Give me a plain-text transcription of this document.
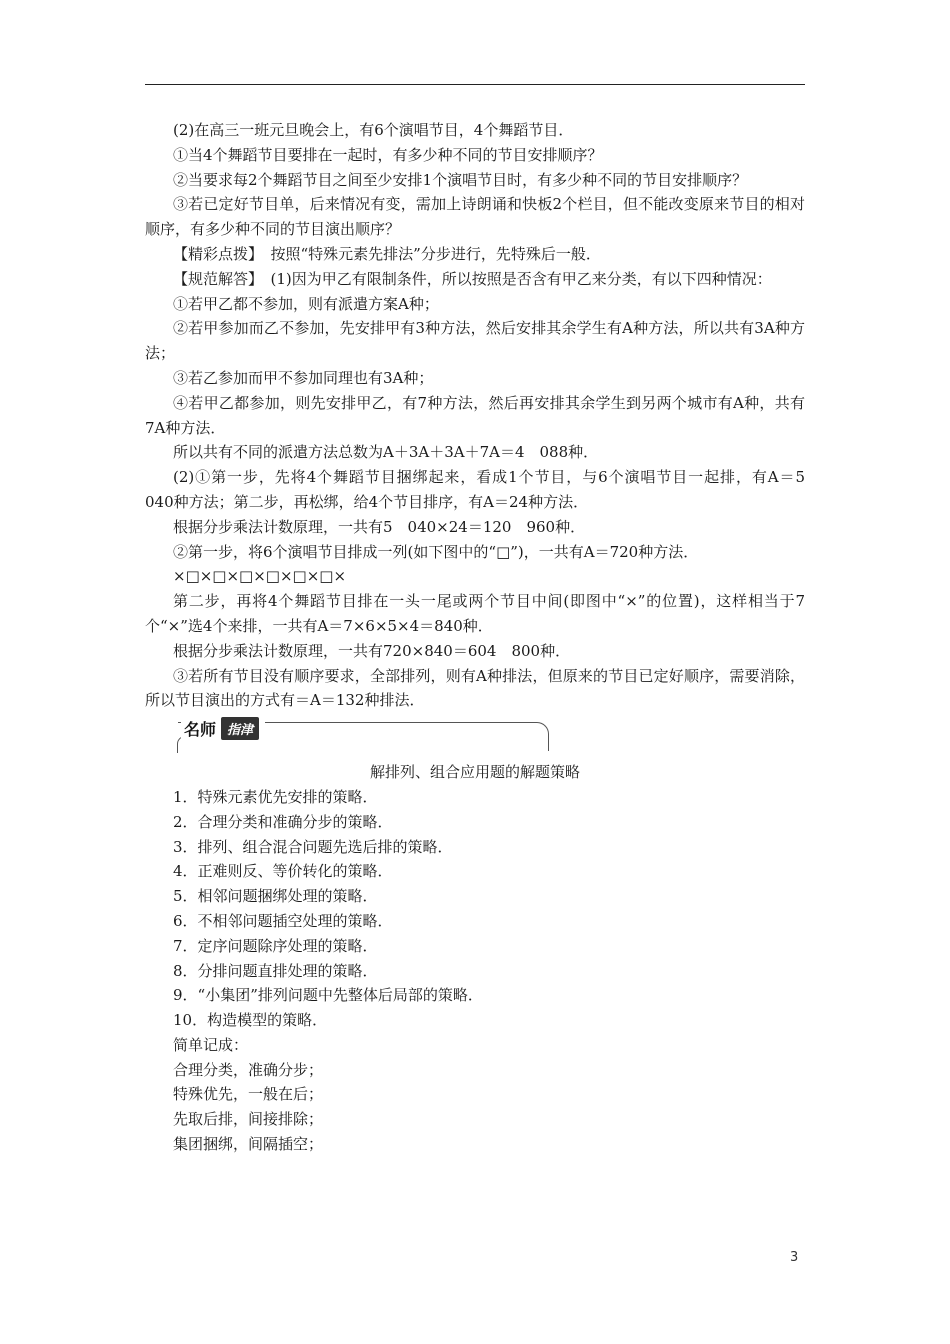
(2)在高三一班元旦晚会上，有6个演唱节目，4个舞蹈节目．

①当4个舞蹈节目要排在一起时，有多少种不同的节目安排顺序？

②当要求每2个舞蹈节目之间至少安排1个演唱节目时，有多少种不同的节目安排顺序？

③若已定好节目单，后来情况有变，需加上诗朗诵和快板2个栏目，但不能改变原来节目的相对顺序，有多少种不同的节目演出顺序？

【精彩点拨】　按照“特殊元素先排法”分步进行，先特殊后一般．

【规范解答】　(1)因为甲乙有限制条件，所以按照是否含有甲乙来分类，有以下四种情况：

①若甲乙都不参加，则有派遣方案A种；

②若甲参加而乙不参加，先安排甲有3种方法，然后安排其余学生有A种方法，所以共有3A种方法；

③若乙参加而甲不参加同理也有3A种；

④若甲乙都参加，则先安排甲乙，有7种方法，然后再安排其余学生到另两个城市有A种，共有7A种方法．

所以共有不同的派遣方法总数为A＋3A＋3A＋7A＝4　088种．

(2)①第一步，先将4个舞蹈节目捆绑起来，看成1个节目，与6个演唱节目一起排，有A＝5　040种方法；第二步，再松绑，给4个节目排序，有A＝24种方法．

根据分步乘法计数原理，一共有5　040×24＝120　960种．

②第一步，将6个演唱节目排成一列(如下图中的“□”)，一共有A＝720种方法．

×□×□×□×□×□×□×

第二步，再将4个舞蹈节目排在一头一尾或两个节目中间(即图中“×”的位置)，这样相当于7个“×”选4个来排，一共有A＝7×6×5×4＝840种．

根据分步乘法计数原理，一共有720×840＝604　800种．

③若所有节目没有顺序要求，全部排列，则有A种排法，但原来的节目已定好顺序，需要消除，所以节目演出的方式有＝A＝132种排法．

名师 指津

解排列、组合应用题的解题策略

1．特殊元素优先安排的策略．

2．合理分类和准确分步的策略．

3．排列、组合混合问题先选后排的策略．

4．正难则反、等价转化的策略．

5．相邻问题捆绑处理的策略．

6．不相邻问题插空处理的策略．

7．定序问题除序处理的策略．

8．分排问题直排处理的策略．

9．“小集团”排列问题中先整体后局部的策略．

10．构造模型的策略．

简单记成：

合理分类，准确分步；

特殊优先，一般在后；

先取后排，间接排除；

集团捆绑，间隔插空；

3
